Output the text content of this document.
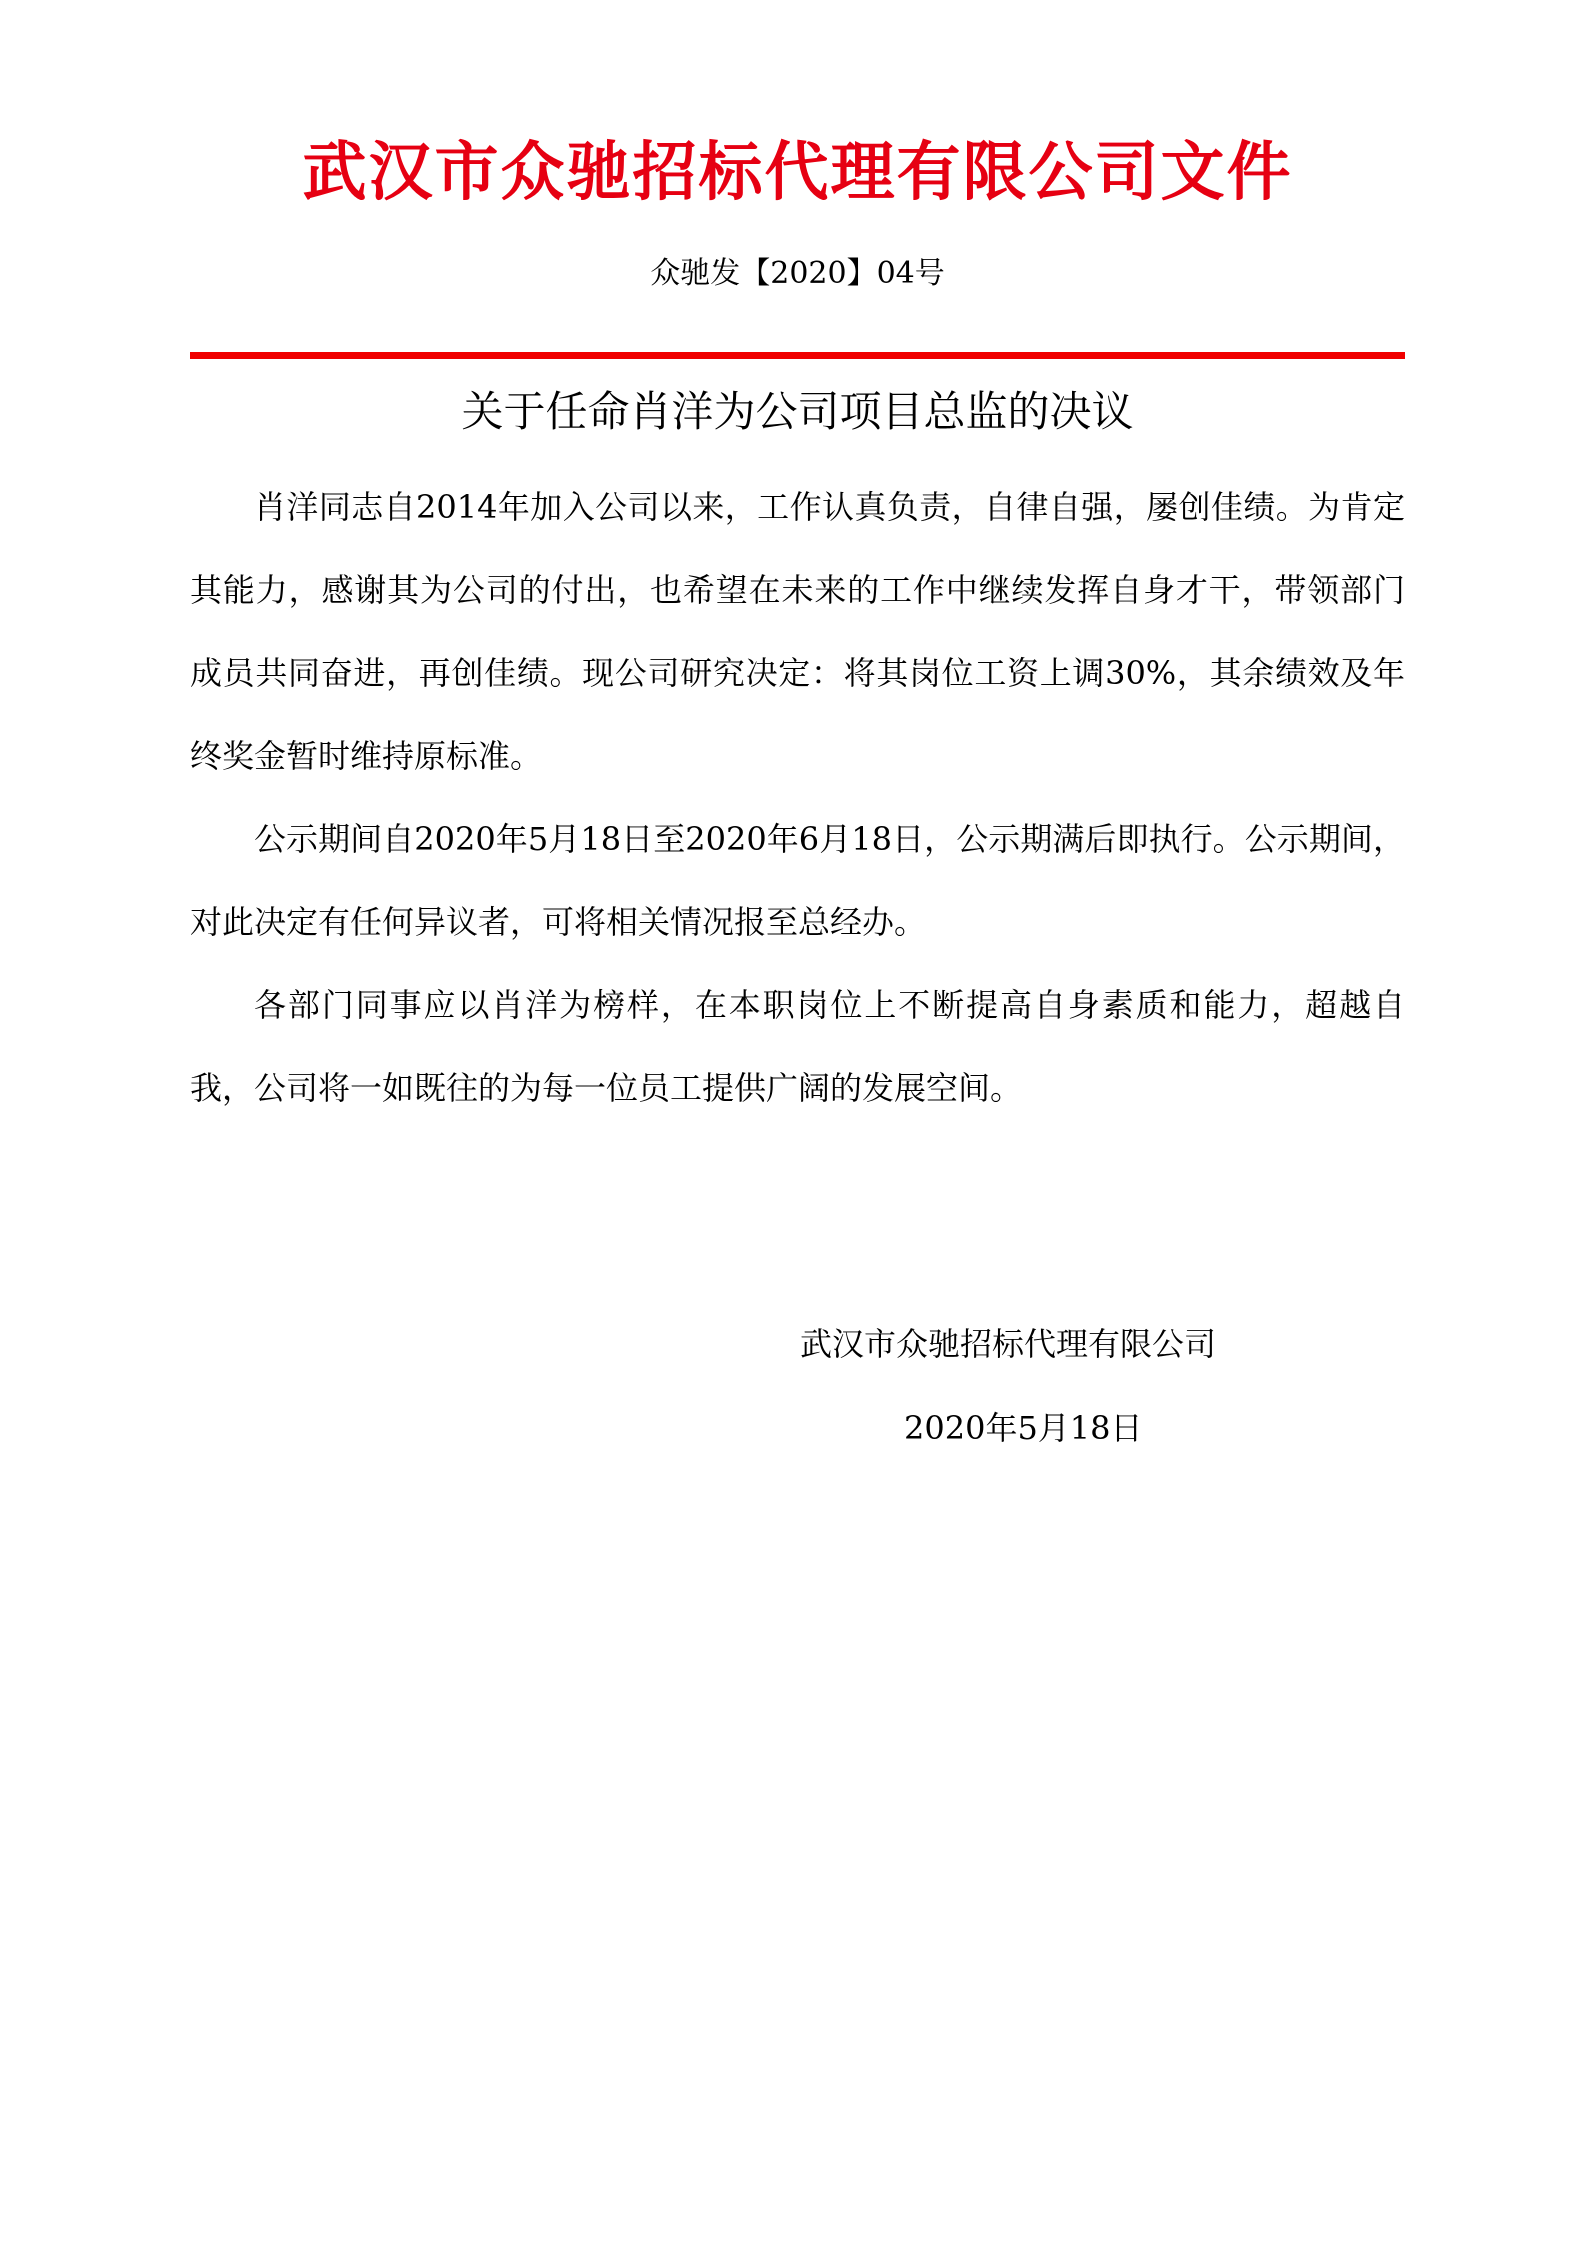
武汉市众驰招标代理有限公司文件
众驰发【2020】04号
关于任命肖洋为公司项目总监的决议

肖洋同志自2014年加入公司以来，工作认真负责，自律自强，屡创佳绩。为肯定其能力，感谢其为公司的付出，也希望在未来的工作中继续发挥自身才干，带领部门成员共同奋进，再创佳绩。现公司研究决定：将其岗位工资上调30%，其余绩效及年终奖金暂时维持原标准。

公示期间自2020年5月18日至2020年6月18日，公示期满后即执行。公示期间，对此决定有任何异议者，可将相关情况报至总经办。

各部门同事应以肖洋为榜样，在本职岗位上不断提高自身素质和能力，超越自我，公司将一如既往的为每一位员工提供广阔的发展空间。

武汉市众驰招标代理有限公司
2020年5月18日
